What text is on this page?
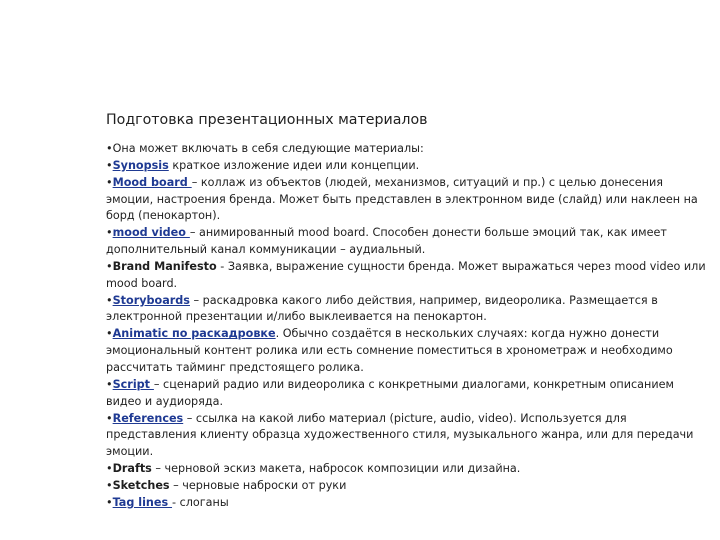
Подготовка презентационных материалов

•Она может включать в себя следующие материалы:

•Synopsis краткое изложение идеи или концепции.

•Mood board – коллаж из объектов (людей, механизмов, ситуаций и пр.) с целью донесения эмоции, настроения бренда. Может быть представлен в электронном виде (слайд) или наклеен на борд (пенокартон).

•mood video – анимированный mood board. Способен донести больше эмоций так, как имеет дополнительный канал коммуникации – аудиальный.

•Brand Manifesto - Заявка, выражение сущности бренда. Может выражаться через mood video или mood board.

•Storyboards – раскадровка какого либо действия, например, видеоролика. Размещается в электронной презентации и/либо выклеивается на пенокартон.

•Animatic по раскадровке. Обычно создаётся в нескольких случаях: когда нужно донести эмоциональный контент ролика или есть сомнение поместиться в хронометраж и необходимо рассчитать тайминг предстоящего ролика.

•Script – сценарий радио или видеоролика с конкретными диалогами, конкретным описанием видео и аудиоряда.

•References – ссылка на какой либо материал (picture, audio, video). Используется для представления клиенту образца художественного стиля, музыкального жанра, или для передачи эмоции.

•Drafts – черновой эскиз макета, набросок композиции или дизайна.

•Sketches – черновые наброски от руки

•Tag lines - слоганы
